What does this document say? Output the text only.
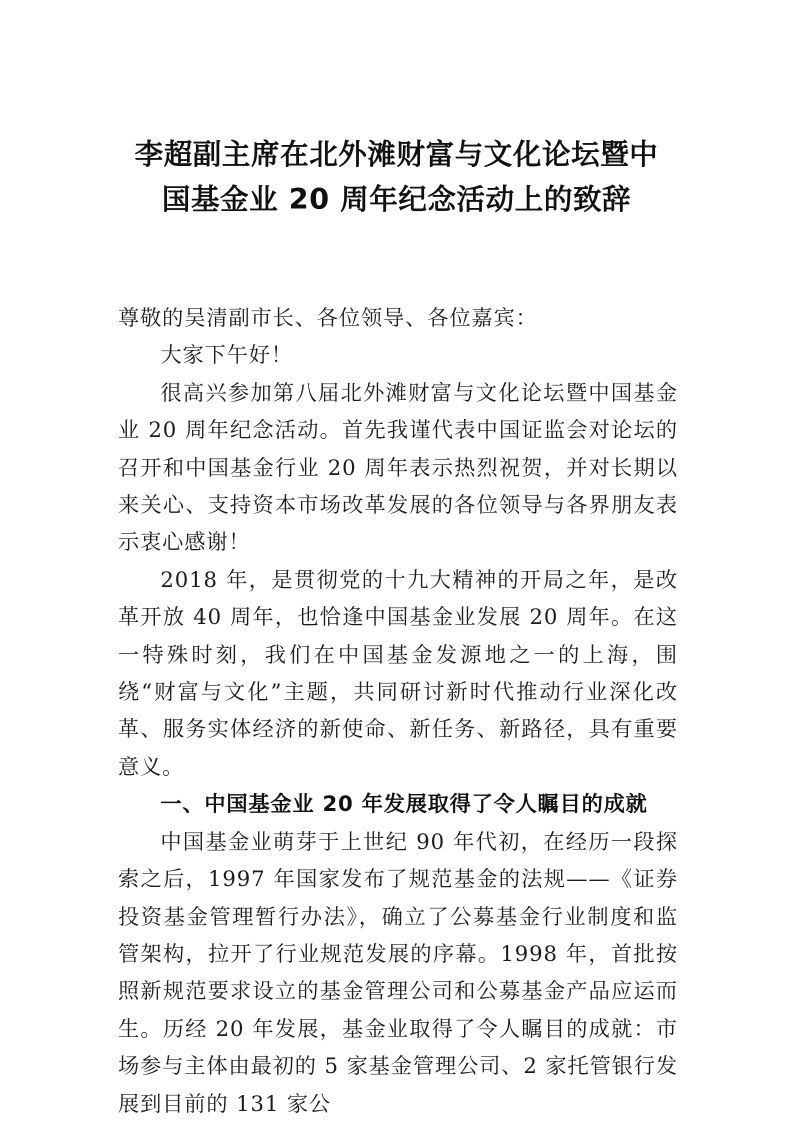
李超副主席在北外滩财富与文化论坛暨中
国基金业 20 周年纪念活动上的致辞

尊敬的吴清副市长、各位领导、各位嘉宾：

大家下午好！

很高兴参加第八届北外滩财富与文化论坛暨中国基金业 20 周年纪念活动。首先我谨代表中国证监会对论坛的召开和中国基金行业 20 周年表示热烈祝贺，并对长期以来关心、支持资本市场改革发展的各位领导与各界朋友表示衷心感谢！

2018 年，是贯彻党的十九大精神的开局之年，是改革开放 40 周年，也恰逢中国基金业发展 20 周年。在这一特殊时刻，我们在中国基金发源地之一的上海，围绕“财富与文化”主题，共同研讨新时代推动行业深化改革、服务实体经济的新使命、新任务、新路径，具有重要意义。

一、中国基金业 20 年发展取得了令人瞩目的成就

中国基金业萌芽于上世纪 90 年代初，在经历一段探索之后，1997 年国家发布了规范基金的法规——《证券投资基金管理暂行办法》，确立了公募基金行业制度和监管架构，拉开了行业规范发展的序幕。1998 年，首批按照新规范要求设立的基金管理公司和公募基金产品应运而生。历经 20 年发展，基金业取得了令人瞩目的成就：市场参与主体由最初的 5 家基金管理公司、2 家托管银行发展到目前的 131 家公
